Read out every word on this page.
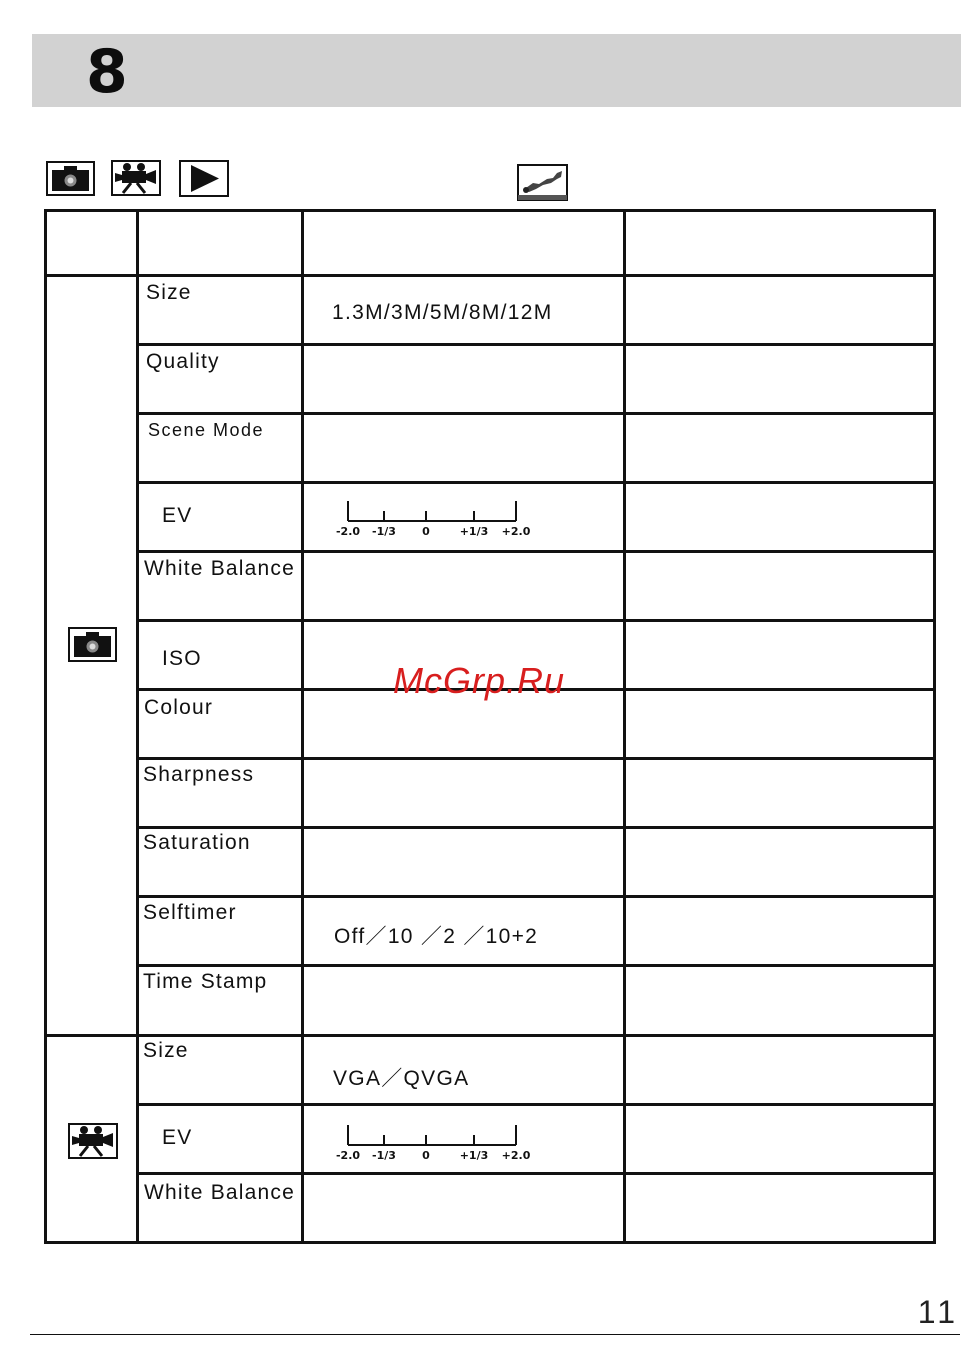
8
Size
Quality
Scene Mode
EV
White Balance
ISO
Colour
Sharpness
Saturation
Selftimer
Time Stamp
1.3M/3M/5M/8M/12M
Off／10 ／2 ／10+2
Size
EV
White Balance
VGA／QVGA
-2.0 -1/3 0	+1/3 +2.0
-2.0 -1/3 0	+1/3 +2.0
McGrp.Ru
11
